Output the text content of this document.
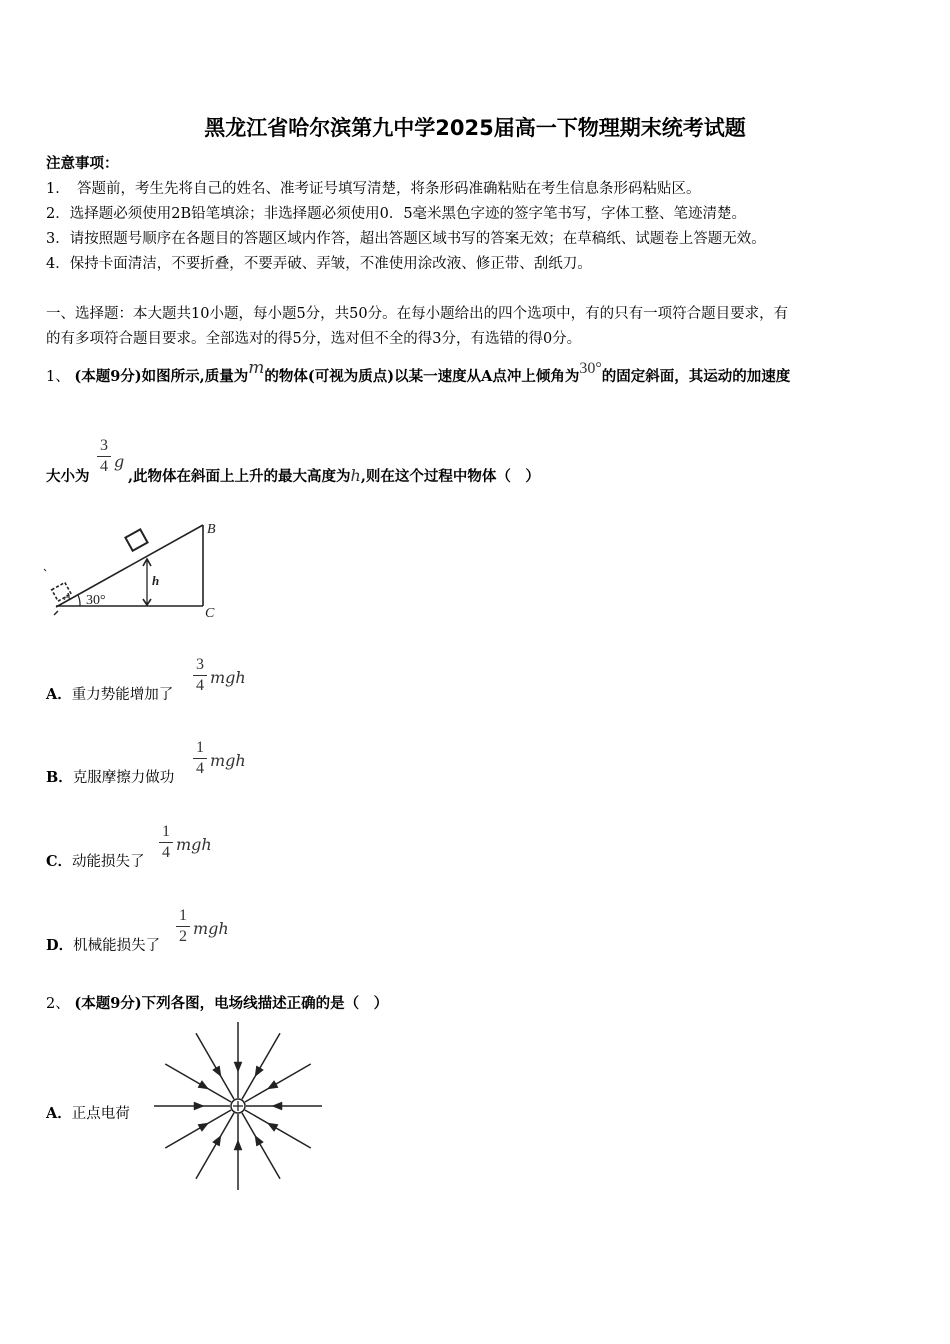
黑龙江省哈尔滨第九中学2025届高一下物理期末统考试题
注意事项：
1．　答题前，考生先将自己的姓名、准考证号填写清楚，将条形码准确粘贴在考生信息条形码粘贴区。
2．选择题必须使用2B铅笔填涂；非选择题必须使用0．5毫米黑色字迹的签字笔书写，字体工整、笔迹清楚。
3．请按照题号顺序在各题目的答题区域内作答，超出答题区域书写的答案无效；在草稿纸、试题卷上答题无效。
4．保持卡面清洁，不要折叠，不要弄破、弄皱，不准使用涂改液、修正带、刮纸刀。
一、选择题：本大题共10小题，每小题5分，共50分。在每小题给出的四个选项中，有的只有一项符合题目要求，有
的有多项符合题目要求。全部选对的得5分，选对但不全的得3分，有选错的得0分。
1、 (本题9分)如图所示,质量为m的物体(可视为质点)以某一速度从A点冲上倾角为30°的固定斜面，其运动的加速度
大小为
3
4 g
,此物体在斜面上上升的最大高度为h,则在这个过程中物体（　）
A 30°
h
B
C
A．重力势能增加了
3
4 mgh
B．克服摩擦力做功
1
4 mgh
C．动能损失了
1
4 mgh
D．机械能损失了
1
2 mgh
2、 (本题9分)下列各图，电场线描述正确的是（　）
A．正点电荷
